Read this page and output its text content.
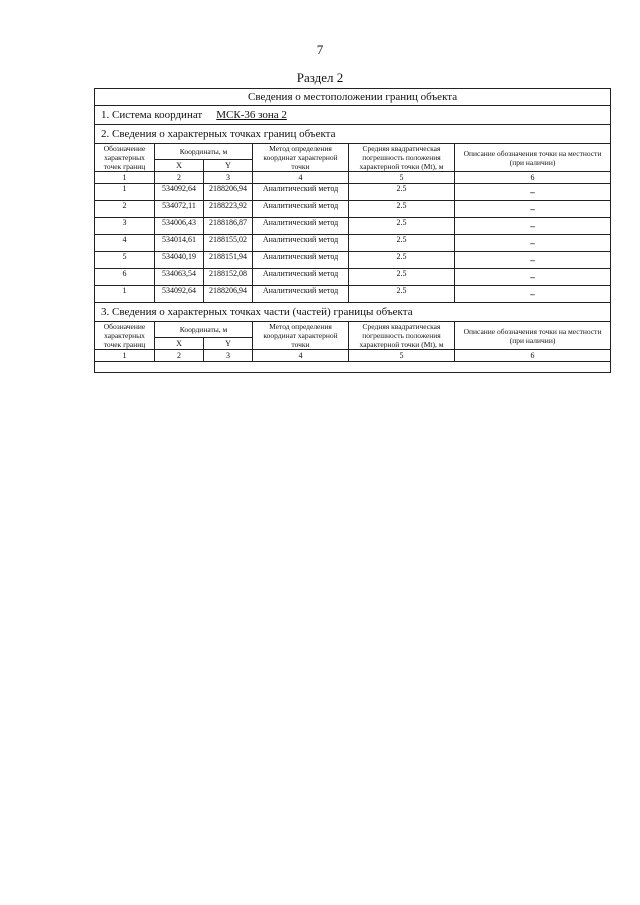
7
Раздел 2
Сведения о местоположении границ объекта					
1. Система координат МСК-36 зона 2					
2. Сведения о характерных точках границ объекта					
Обозначение характерных точек границ	Координаты, м		Метод определения координат характерной точки	Средняя квадратическая погрешность положения характерной точки (Mt), м	Описание обозначения точки на местности (при наличии)
	X	Y			
1	2	3	4	5	6
1	534092,64	2188206,94	Аналитический метод	2.5	–
2	534072,11	2188223,92	Аналитический метод	2.5	–
3	534006,43	2188186,87	Аналитический метод	2.5	–
4	534014,61	2188155,02	Аналитический метод	2.5	–
5	534040,19	2188151,94	Аналитический метод	2.5	–
6	534063,54	2188152,08	Аналитический метод	2.5	–
1	534092,64	2188206,94	Аналитический метод	2.5	–
3. Сведения о характерных точках части (частей) границы объекта					
Обозначение характерных точек границ	Координаты, м		Метод определения координат характерной точки	Средняя квадратическая погрешность положения характерной точки (Mt), м	Описание обозначения точки на местности (при наличии)
	X	Y			
1	2	3	4	5	6
